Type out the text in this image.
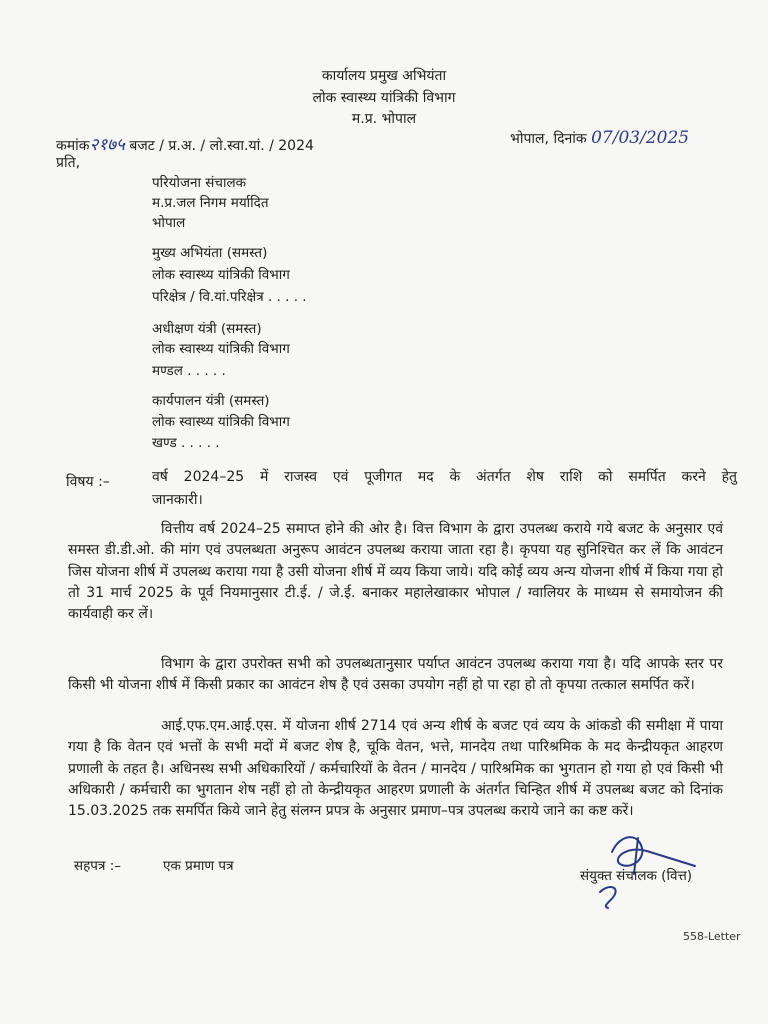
कार्यालय प्रमुख अभियंता
लोक स्वास्थ्य यांत्रिकी विभाग
म.प्र. भोपाल
कमांक२१७५ बजट / प्र.अ. / लो.स्वा.यां. / 2024	भोपाल, दिनांक 07/03/2025
प्रति,
परियोजना संचालक
म.प्र.जल निगम मर्यादित
भोपाल
मुख्य अभियंता (समस्त)
लोक स्वास्थ्य यांत्रिकी विभाग
परिक्षेत्र / वि.यां.परिक्षेत्र . . . . .
अधीक्षण यंत्री (समस्त)
लोक स्वास्थ्य यांत्रिकी विभाग
मण्डल . . . . .
कार्यपालन यंत्री (समस्त)
लोक स्वास्थ्य यांत्रिकी विभाग
खण्ड . . . . .
विषय :–	वर्ष 2024–25 में राजस्व एवं पूजीगत मद के अंतर्गत शेष राशि को समर्पित करने हेतु
जानकारी।
वित्तीय वर्ष 2024–25 समाप्त होने की ओर है। वित्त विभाग के द्वारा उपलब्ध कराये गये बजट के अनुसार एवं समस्त डी.डी.ओ. की मांग एवं उपलब्धता अनुरूप आवंटन उपलब्ध कराया जाता रहा है। कृपया यह सुनिश्चित कर लें कि आवंटन जिस योजना शीर्ष में उपलब्ध कराया गया है उसी योजना शीर्ष में व्यय किया जाये। यदि कोई व्यय अन्य योजना शीर्ष में किया गया हो तो 31 मार्च 2025 के पूर्व नियमानुसार टी.ई. / जे.ई. बनाकर महालेखाकार भोपाल / ग्वालियर के माध्यम से समायोजन की कार्यवाही कर लें।
विभाग के द्वारा उपरोक्त सभी को उपलब्धतानुसार पर्याप्त आवंटन उपलब्ध कराया गया है। यदि आपके स्तर पर किसी भी योजना शीर्ष में किसी प्रकार का आवंटन शेष है एवं उसका उपयोग नहीं हो पा रहा हो तो कृपया तत्काल समर्पित करें।
आई.एफ.एम.आई.एस. में योजना शीर्ष 2714 एवं अन्य शीर्ष के बजट एवं व्यय के आंकडो की समीक्षा में पाया गया है कि वेतन एवं भत्तों के सभी मदों में बजट शेष है, चूकि वेतन, भत्ते, मानदेय तथा पारिश्रमिक के मद केन्द्रीयकृत आहरण प्रणाली के तहत है। अधिनस्थ सभी अधिकारियों / कर्मचारियों के वेतन / मानदेय / पारिश्रमिक का भुगतान हो गया हो एवं किसी भी अधिकारी / कर्मचारी का भुगतान शेष नहीं हो तो केन्द्रीयकृत आहरण प्रणाली के अंतर्गत चिन्हित शीर्ष में उपलब्ध बजट को दिनांक 15.03.2025 तक समर्पित किये जाने हेतु संलग्न प्रपत्र के अनुसार प्रमाण–पत्र उपलब्ध कराये जाने का कष्ट करें।
सहपत्र :–	एक प्रमाण पत्र
संयुक्त संचालक (वित्त)
558-Letter
